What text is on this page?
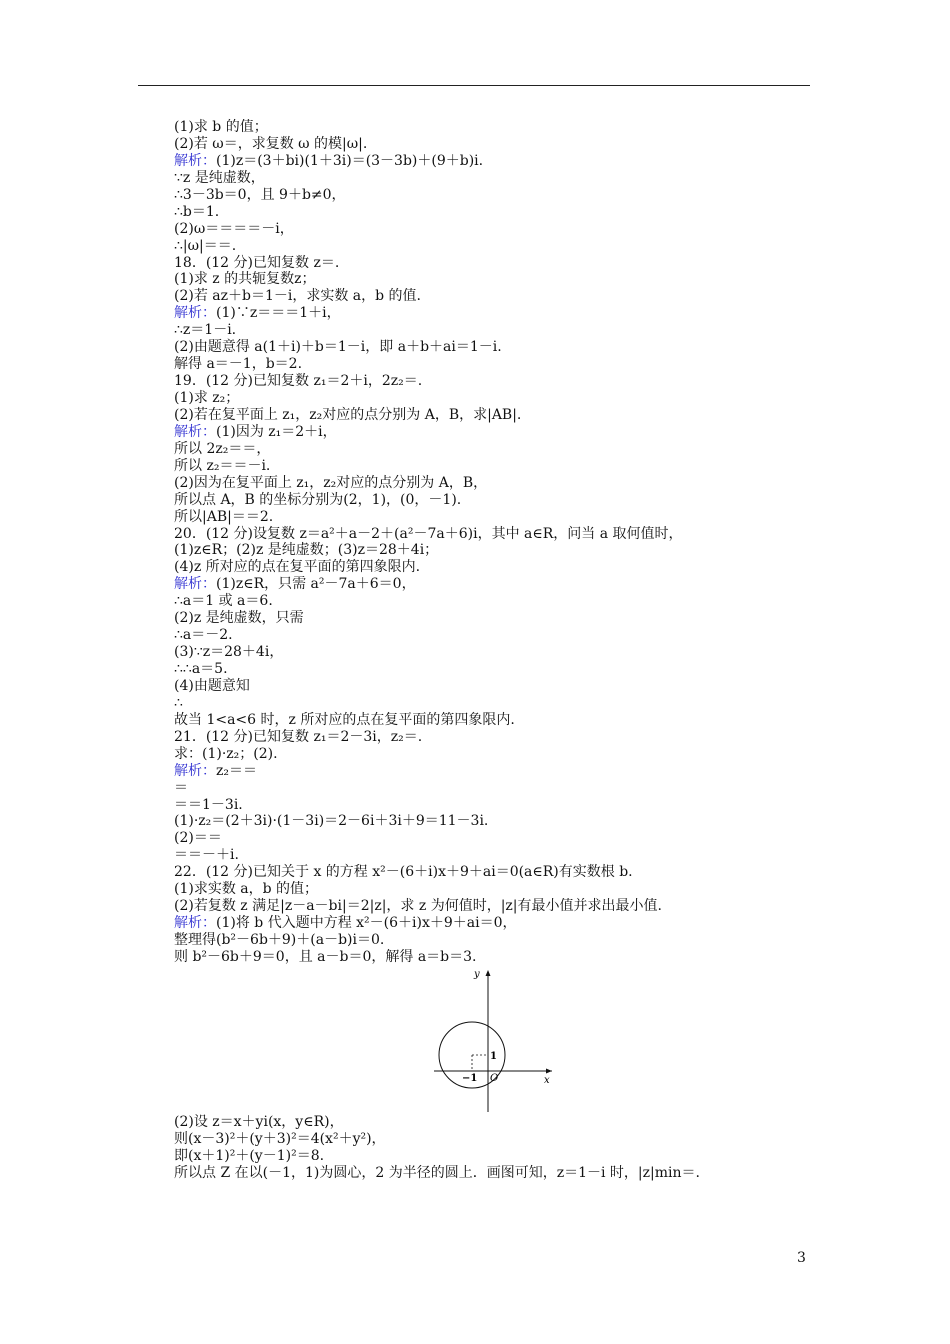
(1)求 b 的值；
(2)若 ω＝，求复数 ω 的模|ω|.
解析：(1)z＝(3＋bi)(1＋3i)＝(3－3b)＋(9＋b)i.
∵z 是纯虚数，
∴3－3b＝0，且 9＋b≠0，
∴b＝1.
(2)ω＝＝＝＝－i，
∴|ω|＝＝.
18．(12 分)已知复数 z＝.
(1)求 z 的共轭复数z；
(2)若 az＋b＝1－i，求实数 a，b 的值.
解析：(1)∵z＝＝＝1＋i，
∴z＝1－i.
(2)由题意得 a(1＋i)＋b＝1－i，即 a＋b＋ai＝1－i.
解得 a＝－1，b＝2.
19．(12 分)已知复数 z₁＝2＋i，2z₂＝.
(1)求 z₂；
(2)若在复平面上 z₁，z₂对应的点分别为 A，B，求|AB|.
解析：(1)因为 z₁＝2＋i，
所以 2z₂＝＝，
所以 z₂＝＝－i.
(2)因为在复平面上 z₁，z₂对应的点分别为 A，B，
所以点 A，B 的坐标分别为(2，1)，(0，－1).
所以|AB|＝＝2.
20．(12 分)设复数 z＝a²＋a－2＋(a²－7a＋6)i，其中 a∈R，问当 a 取何值时，
(1)z∈R；(2)z 是纯虚数；(3)z＝28＋4i；
(4)z 所对应的点在复平面的第四象限内.
解析：(1)z∈R，只需 a²－7a＋6＝0，
∴a＝1 或 a＝6.
(2)z 是纯虚数，只需
∴a＝－2.
(3)∵z＝28＋4i，
∴∴a＝5.
(4)由题意知
∴
故当 1<a<6 时，z 所对应的点在复平面的第四象限内.
21．(12 分)已知复数 z₁＝2－3i，z₂＝.
求：(1)·z₂；(2).
解析：z₂＝＝
＝
＝＝1－3i.
(1)·z₂＝(2＋3i)·(1－3i)＝2－6i＋3i＋9＝11－3i.
(2)＝＝
＝＝－＋i.
22．(12 分)已知关于 x 的方程 x²－(6＋i)x＋9＋ai＝0(a∈R)有实数根 b.
(1)求实数 a，b 的值；
(2)若复数 z 满足|z－a－bi|＝2|z|，求 z 为何值时，|z|有最小值并求出最小值.
解析：(1)将 b 代入题中方程 x²－(6＋i)x＋9＋ai＝0，
整理得(b²－6b＋9)＋(a－b)i＝0.
则 b²－6b＋9＝0，且 a－b＝0，解得 a＝b＝3.
y
x
O
−1
1
(2)设 z＝x＋yi(x，y∈R)，
则(x－3)²＋(y＋3)²＝4(x²＋y²)，
即(x＋1)²＋(y－1)²＝8.
所以点 Z 在以(－1，1)为圆心，2 为半径的圆上．画图可知，z＝1－i 时，|z|min＝.
3
